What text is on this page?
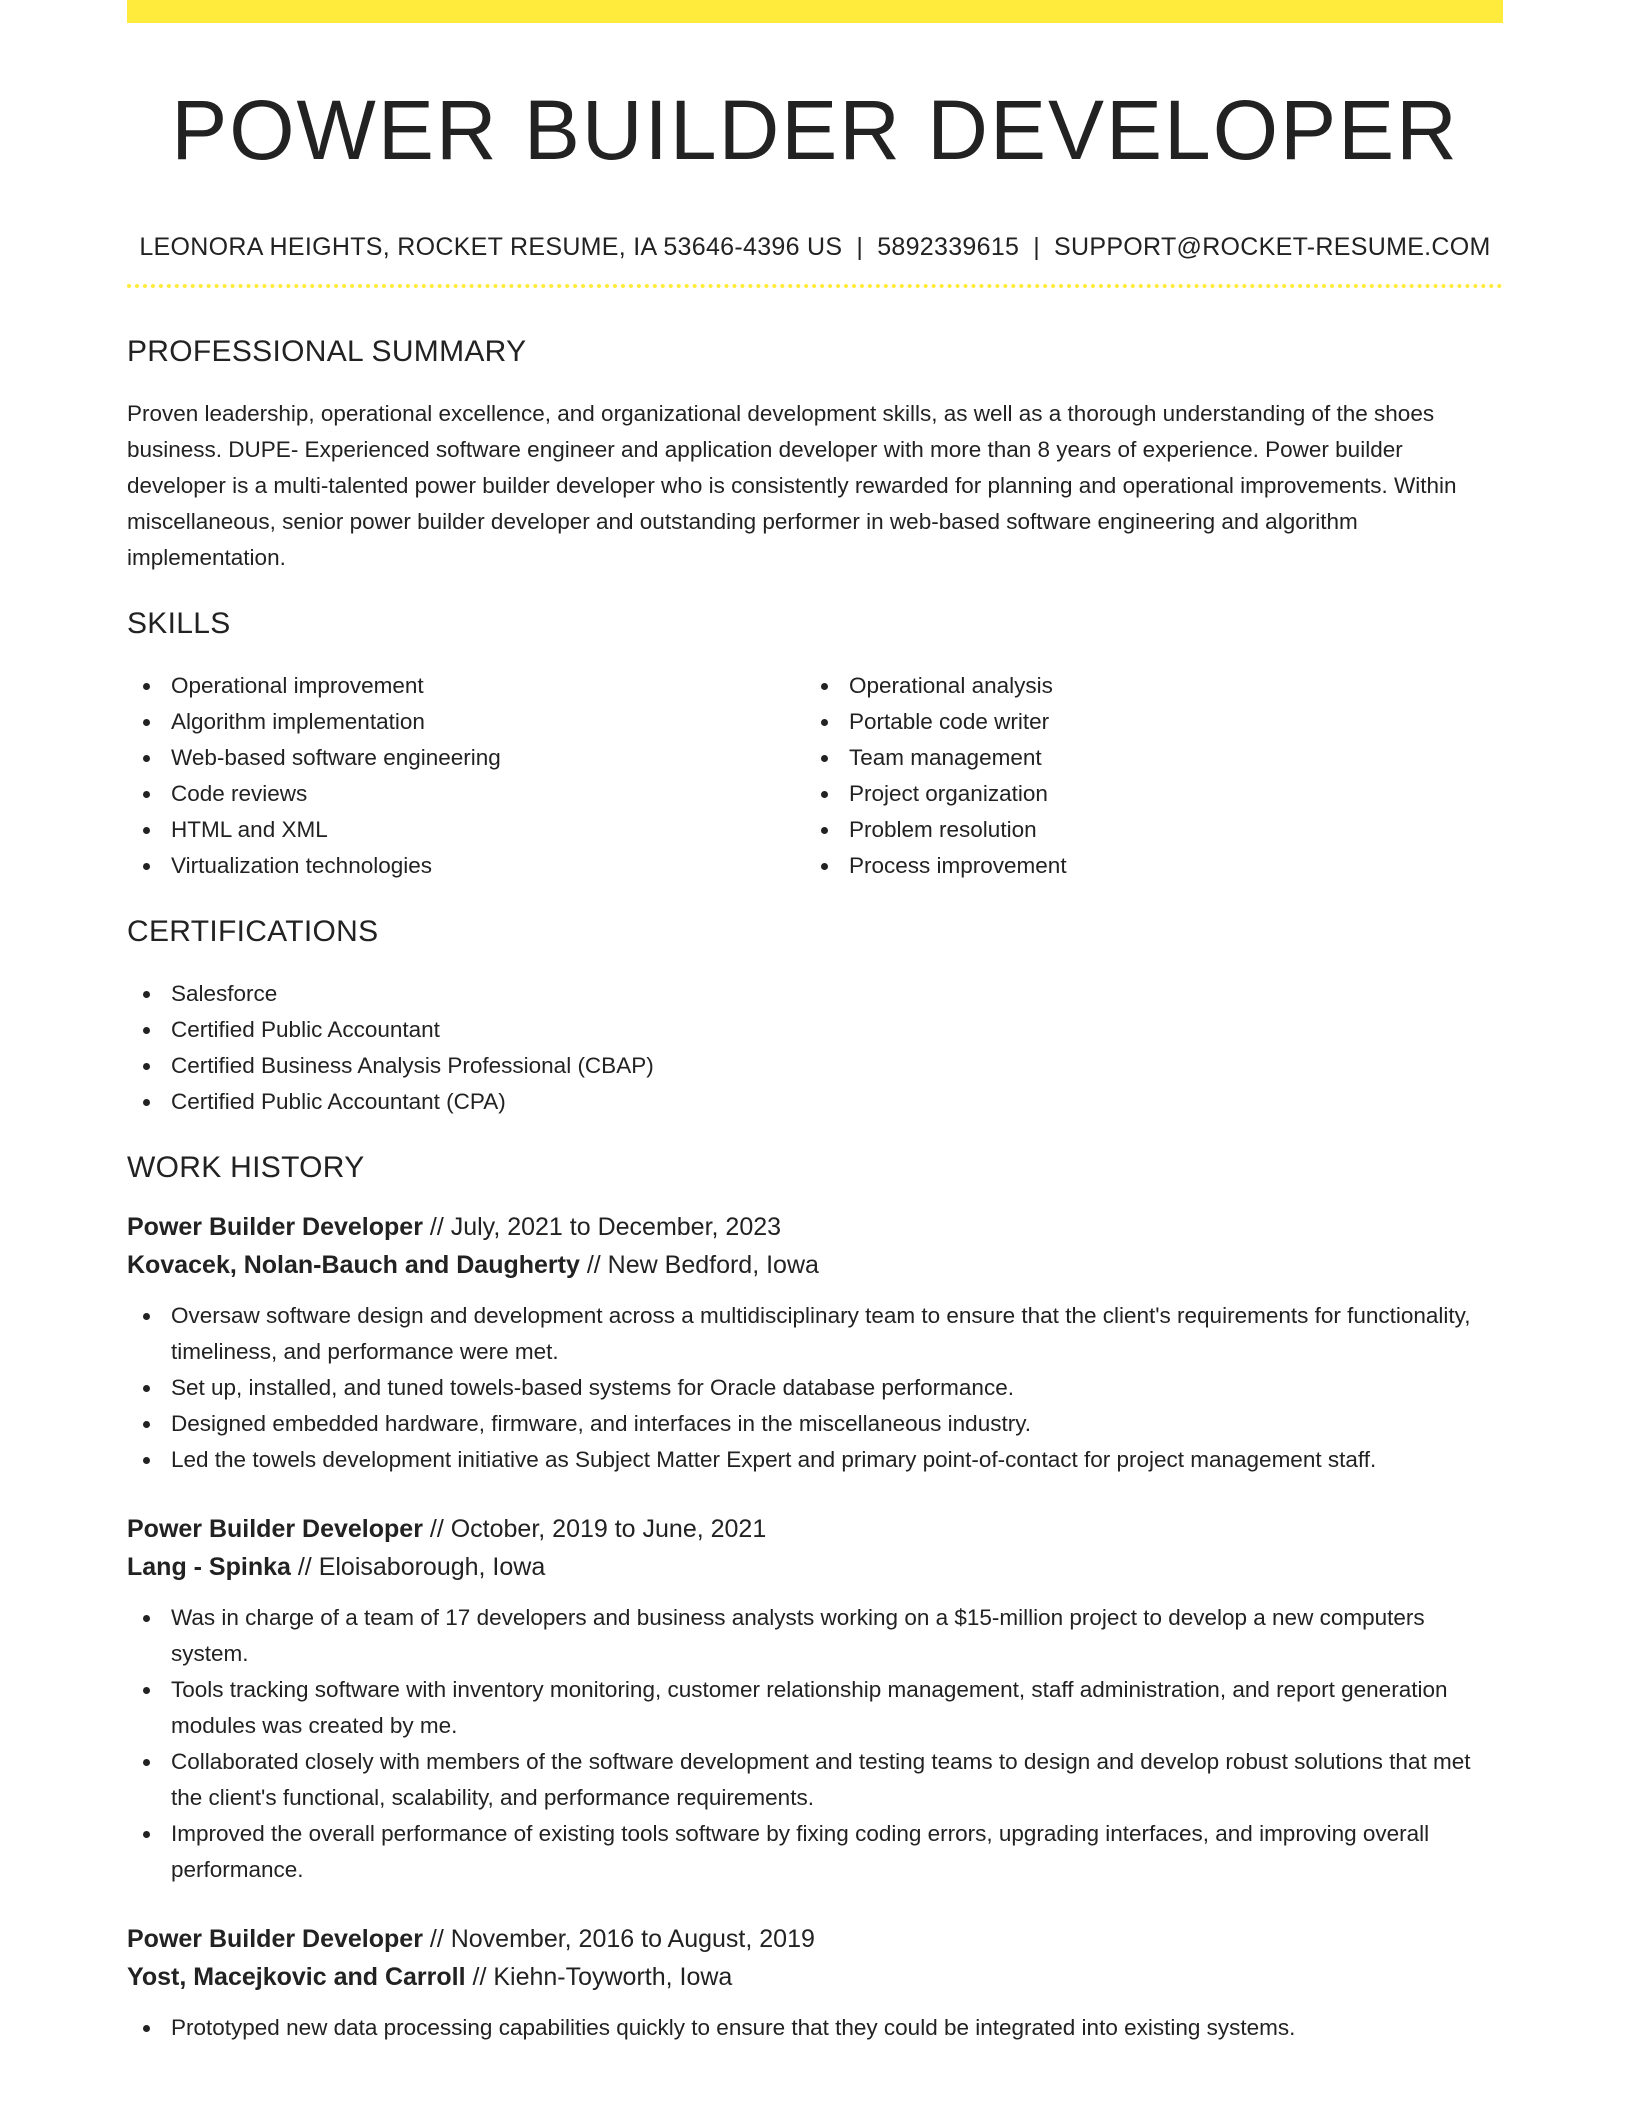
POWER BUILDER DEVELOPER
LEONORA HEIGHTS, ROCKET RESUME, IA 53646-4396 US | 5892339615 | SUPPORT@ROCKET-RESUME.COM
PROFESSIONAL SUMMARY

Proven leadership, operational excellence, and organizational development skills, as well as a thorough understanding of the shoes business. DUPE- Experienced software engineer and application developer with more than 8 years of experience. Power builder developer is a multi-talented power builder developer who is consistently rewarded for planning and operational improvements. Within miscellaneous, senior power builder developer and outstanding performer in web-based software engineering and algorithm implementation.

SKILLS
Operational improvement
Algorithm implementation
Web-based software engineering
Code reviews
HTML and XML
Virtualization technologies
Operational analysis
Portable code writer
Team management
Project organization
Problem resolution
Process improvement
CERTIFICATIONS
Salesforce
Certified Public Accountant
Certified Business Analysis Professional (CBAP)
Certified Public Accountant (CPA)
WORK HISTORY
Power Builder Developer // July, 2021 to December, 2023
Kovacek, Nolan-Bauch and Daugherty // New Bedford, Iowa
Oversaw software design and development across a multidisciplinary team to ensure that the client's requirements for functionality, timeliness, and performance were met.
Set up, installed, and tuned towels-based systems for Oracle database performance.
Designed embedded hardware, firmware, and interfaces in the miscellaneous industry.
Led the towels development initiative as Subject Matter Expert and primary point-of-contact for project management staff.
Power Builder Developer // October, 2019 to June, 2021
Lang - Spinka // Eloisaborough, Iowa
Was in charge of a team of 17 developers and business analysts working on a $15-million project to develop a new computers system.
Tools tracking software with inventory monitoring, customer relationship management, staff administration, and report generation modules was created by me.
Collaborated closely with members of the software development and testing teams to design and develop robust solutions that met the client's functional, scalability, and performance requirements.
Improved the overall performance of existing tools software by fixing coding errors, upgrading interfaces, and improving overall performance.
Power Builder Developer // November, 2016 to August, 2019
Yost, Macejkovic and Carroll // Kiehn-Toyworth, Iowa
Prototyped new data processing capabilities quickly to ensure that they could be integrated into existing systems.
